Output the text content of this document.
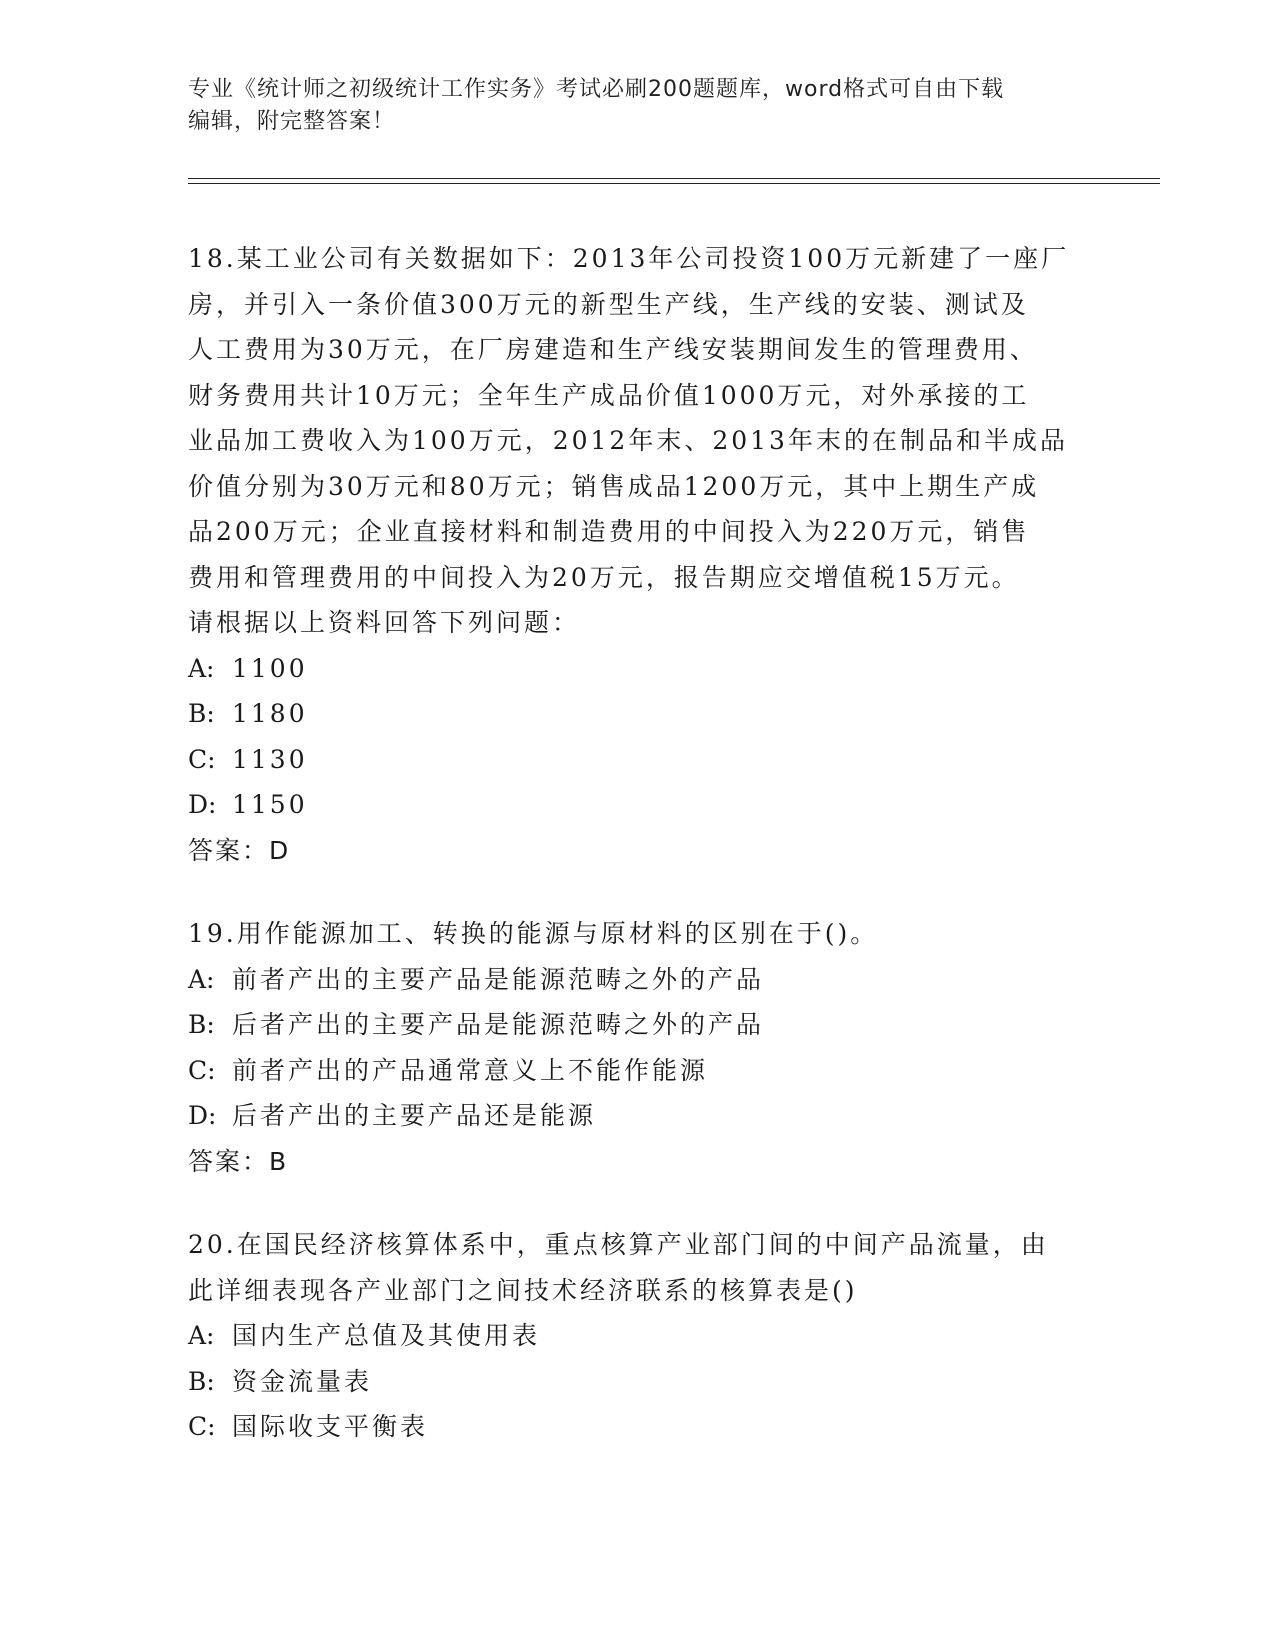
专业《统计师之初级统计工作实务》考试必刷200题题库，word格式可自由下载

编辑，附完整答案！

18.某工业公司有关数据如下：2013年公司投资100万元新建了一座厂

房，并引入一条价值300万元的新型生产线，生产线的安装、测试及

人工费用为30万元，在厂房建造和生产线安装期间发生的管理费用、

财务费用共计10万元；全年生产成品价值1000万元，对外承接的工

业品加工费收入为100万元，2012年末、2013年末的在制品和半成品

价值分别为30万元和80万元；销售成品1200万元，其中上期生产成

品200万元；企业直接材料和制造费用的中间投入为220万元，销售

费用和管理费用的中间投入为20万元，报告期应交增值税15万元。

请根据以上资料回答下列问题：

A: 1100

B: 1180

C: 1130

D: 1150

答案：D

19.用作能源加工、转换的能源与原材料的区别在于()。

A: 前者产出的主要产品是能源范畴之外的产品

B: 后者产出的主要产品是能源范畴之外的产品

C: 前者产出的产品通常意义上不能作能源

D: 后者产出的主要产品还是能源

答案：B

20.在国民经济核算体系中，重点核算产业部门间的中间产品流量，由

此详细表现各产业部门之间技术经济联系的核算表是()

A: 国内生产总值及其使用表

B: 资金流量表

C: 国际收支平衡表
